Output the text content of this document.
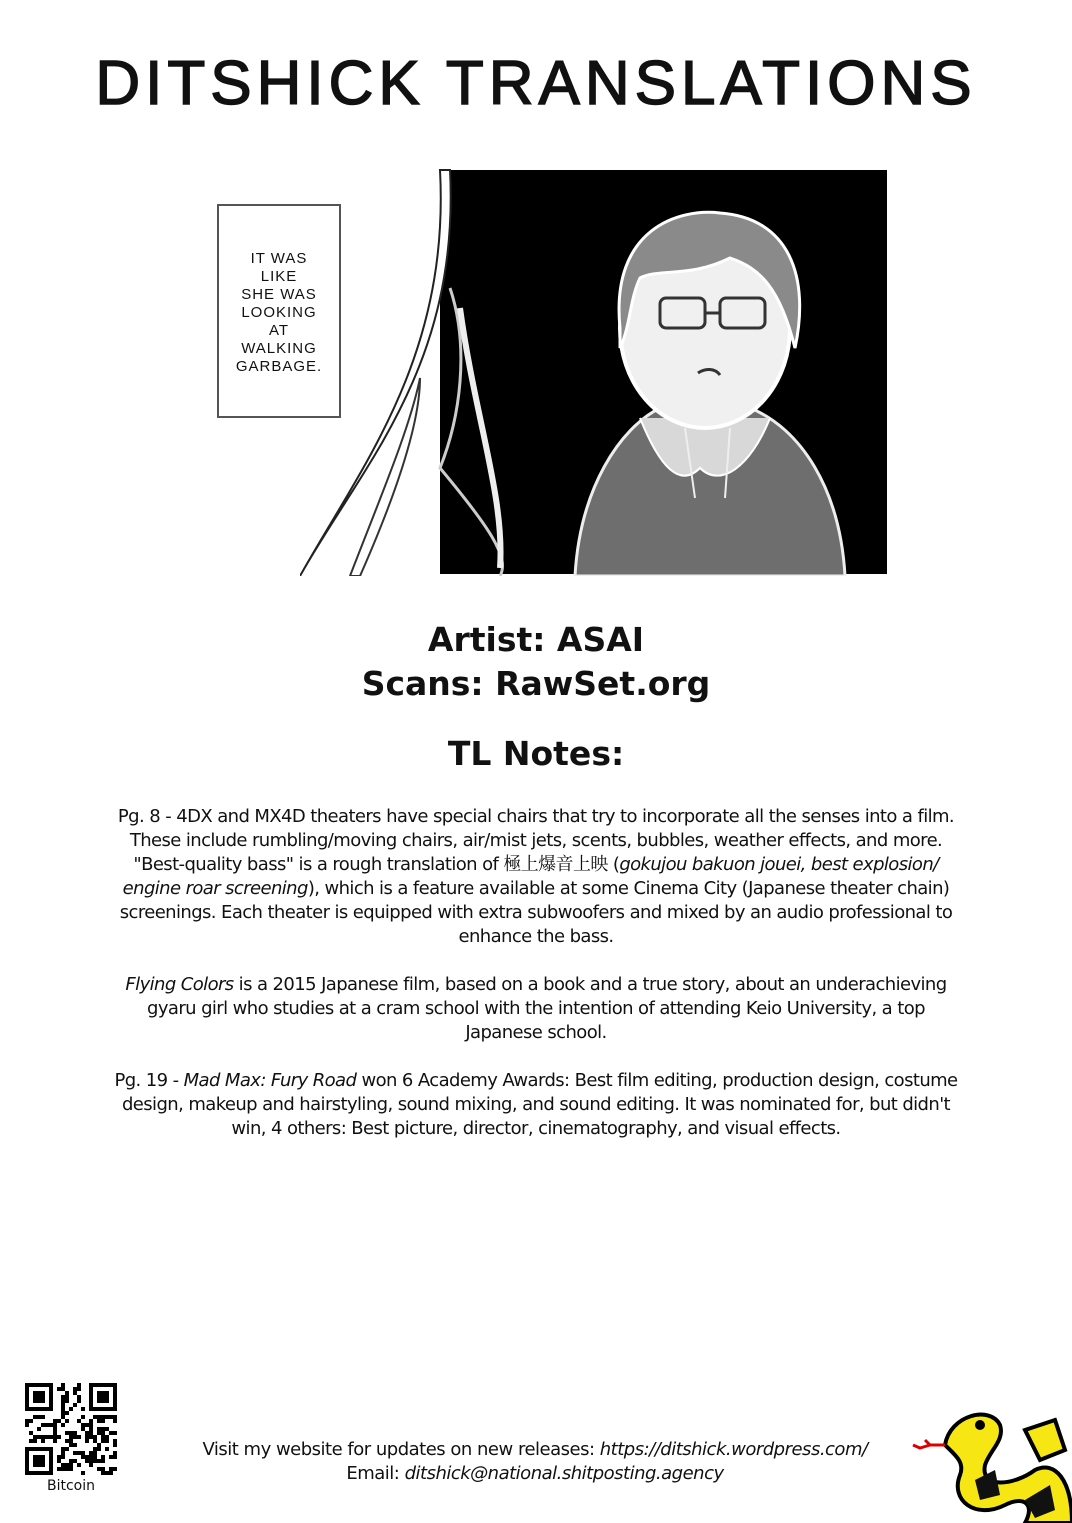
DITSHICK TRANSLATIONS
IT WAS
LIKE
SHE WAS
LOOKING
AT
WALKING
GARBAGE.
Artist: ASAI
Scans: RawSet.org
TL Notes:
Pg. 8 - 4DX and MX4D theaters have special chairs that try to incorporate all the senses into a film.
These include rumbling/moving chairs, air/mist jets, scents, bubbles, weather effects, and more.
"Best-quality bass" is a rough translation of 極上爆音上映 (gokujou bakuon jouei, best explosion/
engine roar screening), which is a feature available at some Cinema City (Japanese theater chain)
screenings. Each theater is equipped with extra subwoofers and mixed by an audio professional to
enhance the bass.
Flying Colors is a 2015 Japanese film, based on a book and a true story, about an underachieving
gyaru girl who studies at a cram school with the intention of attending Keio University, a top
Japanese school.
Pg. 19 - Mad Max: Fury Road won 6 Academy Awards: Best film editing, production design, costume
design, makeup and hairstyling, sound mixing, and sound editing. It was nominated for, but didn't
win, 4 others: Best picture, director, cinematography, and visual effects.
Bitcoin
Visit my website for updates on new releases: https://ditshick.wordpress.com/
Email: ditshick@national.shitposting.agency
